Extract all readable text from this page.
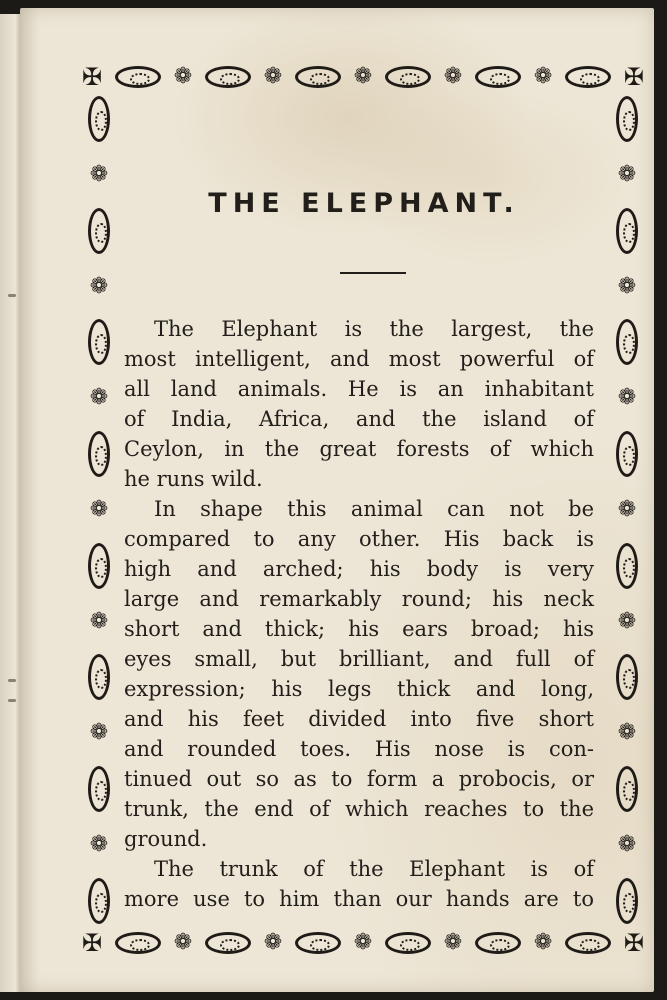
✠	❁	❁	❁	❁	❁	✠
❁
❁
❁
❁
❁
❁
❁
❁
❁
❁
❁
❁
❁
❁
✠	❁	❁	❁	❁	❁	✠
THE ELEPHANT.
The Elephant is the largest, the
most intelligent, and most powerful of
all land animals. He is an inhabitant
of India, Africa, and the island of
Ceylon, in the great forests of which
he runs wild.
In shape this animal can not be
compared to any other. His back is
high and arched; his body is very
large and remarkably round; his neck
short and thick; his ears broad; his
eyes small, but brilliant, and full of
expression; his legs thick and long,
and his feet divided into five short
and rounded toes. His nose is con-
tinued out so as to form a probocis, or
trunk, the end of which reaches to the
ground.
The trunk of the Elephant is of
more use to him than our hands are to
